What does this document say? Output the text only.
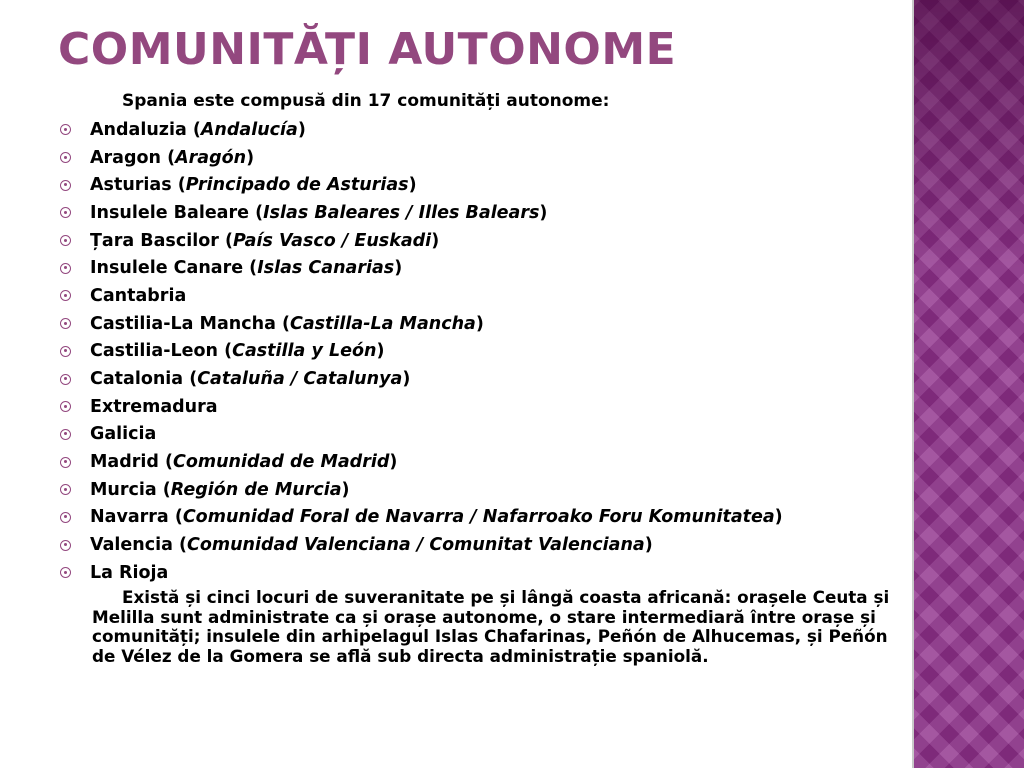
COMUNITĂȚI AUTONOME
Spania este compusă din 17 comunități autonome:
Andaluzia (Andalucía)
Aragon (Aragón)
Asturias (Principado de Asturias)
Insulele Baleare (Islas Baleares / Illes Balears)
Țara Bascilor (País Vasco / Euskadi)
Insulele Canare (Islas Canarias)
Cantabria
Castilia-La Mancha (Castilla-La Mancha)
Castilia-Leon (Castilla y León)
Catalonia (Cataluña / Catalunya)
Extremadura
Galicia
Madrid (Comunidad de Madrid)
Murcia (Región de Murcia)
Navarra (Comunidad Foral de Navarra / Nafarroako Foru Komunitatea)
Valencia (Comunidad Valenciana / Comunitat Valenciana)
La Rioja

Există și cinci locuri de suveranitate pe și lângă coasta africană: orașele Ceuta și Melilla sunt administrate ca și orașe autonome, o stare intermediară între orașe și comunități; insulele din arhipelagul Islas Chafarinas, Peñón de Alhucemas, și Peñón de Vélez de la Gomera se află sub directa administrație spaniolă.
